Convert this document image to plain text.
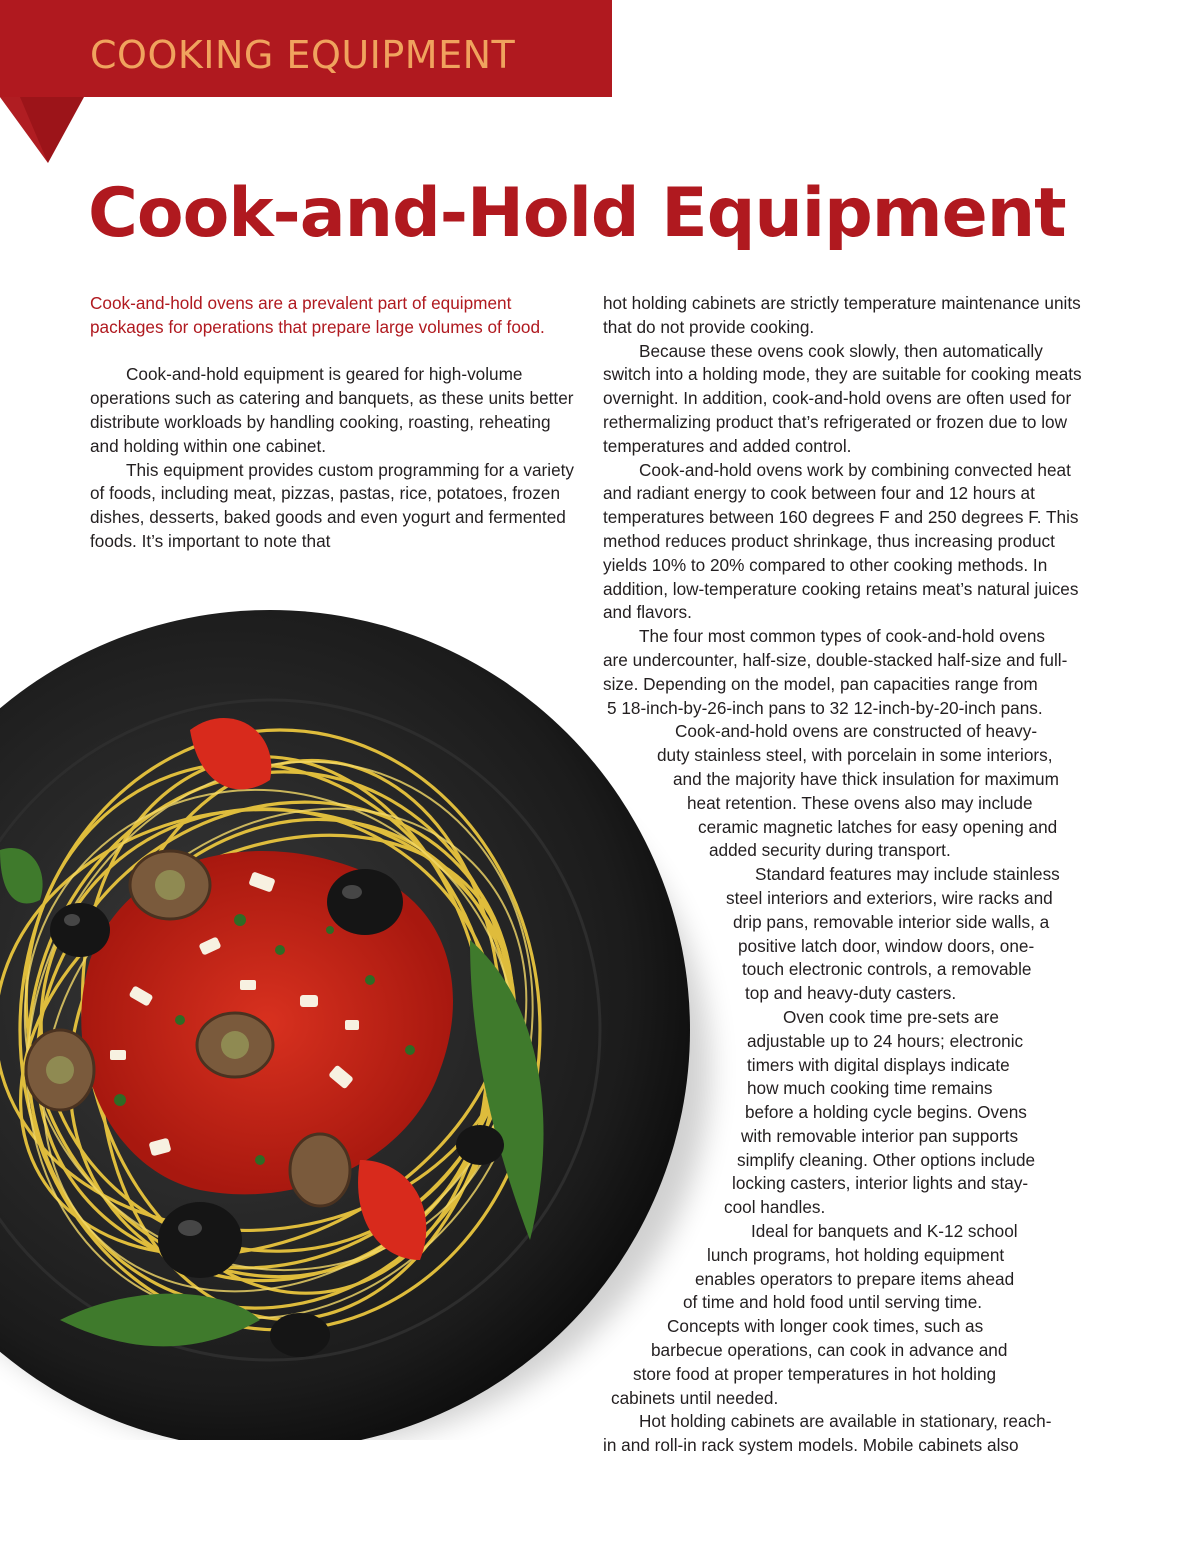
COOKING EQUIPMENT
Cook-and-Hold Equipment

Cook-and-hold ovens are a prevalent part of equipment packages for operations that prepare large volumes of food.

Cook-and-hold equipment is geared for high-volume operations such as catering and banquets, as these units better distribute workloads by handling cooking, roasting, reheating and holding within one cabinet.

This equipment provides custom programming for a variety of foods, including meat, pizzas, pastas, rice, potatoes, frozen dishes, desserts, baked goods and even yogurt and fermented foods. It’s important to note that

hot holding cabinets are strictly temperature maintenance units that do not provide cooking.

Because these ovens cook slowly, then automatically switch into a holding mode, they are suitable for cooking meats overnight. In addition, cook-and-hold ovens are often used for rethermalizing product that’s refrigerated or frozen due to low temperatures and added control.

Cook-and-hold ovens work by combining convected heat and radiant energy to cook between four and 12 hours at temperatures between 160 degrees F and 250 degrees F. This method reduces product shrinkage, thus increasing product yields 10% to 20% compared to other cooking methods. In addition, low-temperature cooking retains meat’s natural juices and flavors.

The four most common types of cook-and-hold ovens
are undercounter, half-size, double-stacked half-size and full-
size. Depending on the model, pan capacities range from
5 18-inch-by-26-inch pans to 32 12-inch-by-20-inch pans.
Cook-and-hold ovens are constructed of heavy-
duty stainless steel, with porcelain in some interiors,
and the majority have thick insulation for maximum
heat retention. These ovens also may include
ceramic magnetic latches for easy opening and
added security during transport.
Standard features may include stainless
steel interiors and exteriors, wire racks and
drip pans, removable interior side walls, a
positive latch door, window doors, one-
touch electronic controls, a removable
top and heavy-duty casters.
Oven cook time pre-sets are
adjustable up to 24 hours; electronic
timers with digital displays indicate
how much cooking time remains
before a holding cycle begins. Ovens
with removable interior pan supports
simplify cleaning. Other options include
locking casters, interior lights and stay-
cool handles.
Ideal for banquets and K-12 school
lunch programs, hot holding equipment
enables operators to prepare items ahead
of time and hold food until serving time.
Concepts with longer cook times, such as
barbecue operations, can cook in advance and
store food at proper temperatures in hot holding
cabinets until needed.
Hot holding cabinets are available in stationary, reach-
in and roll-in rack system models. Mobile cabinets also
